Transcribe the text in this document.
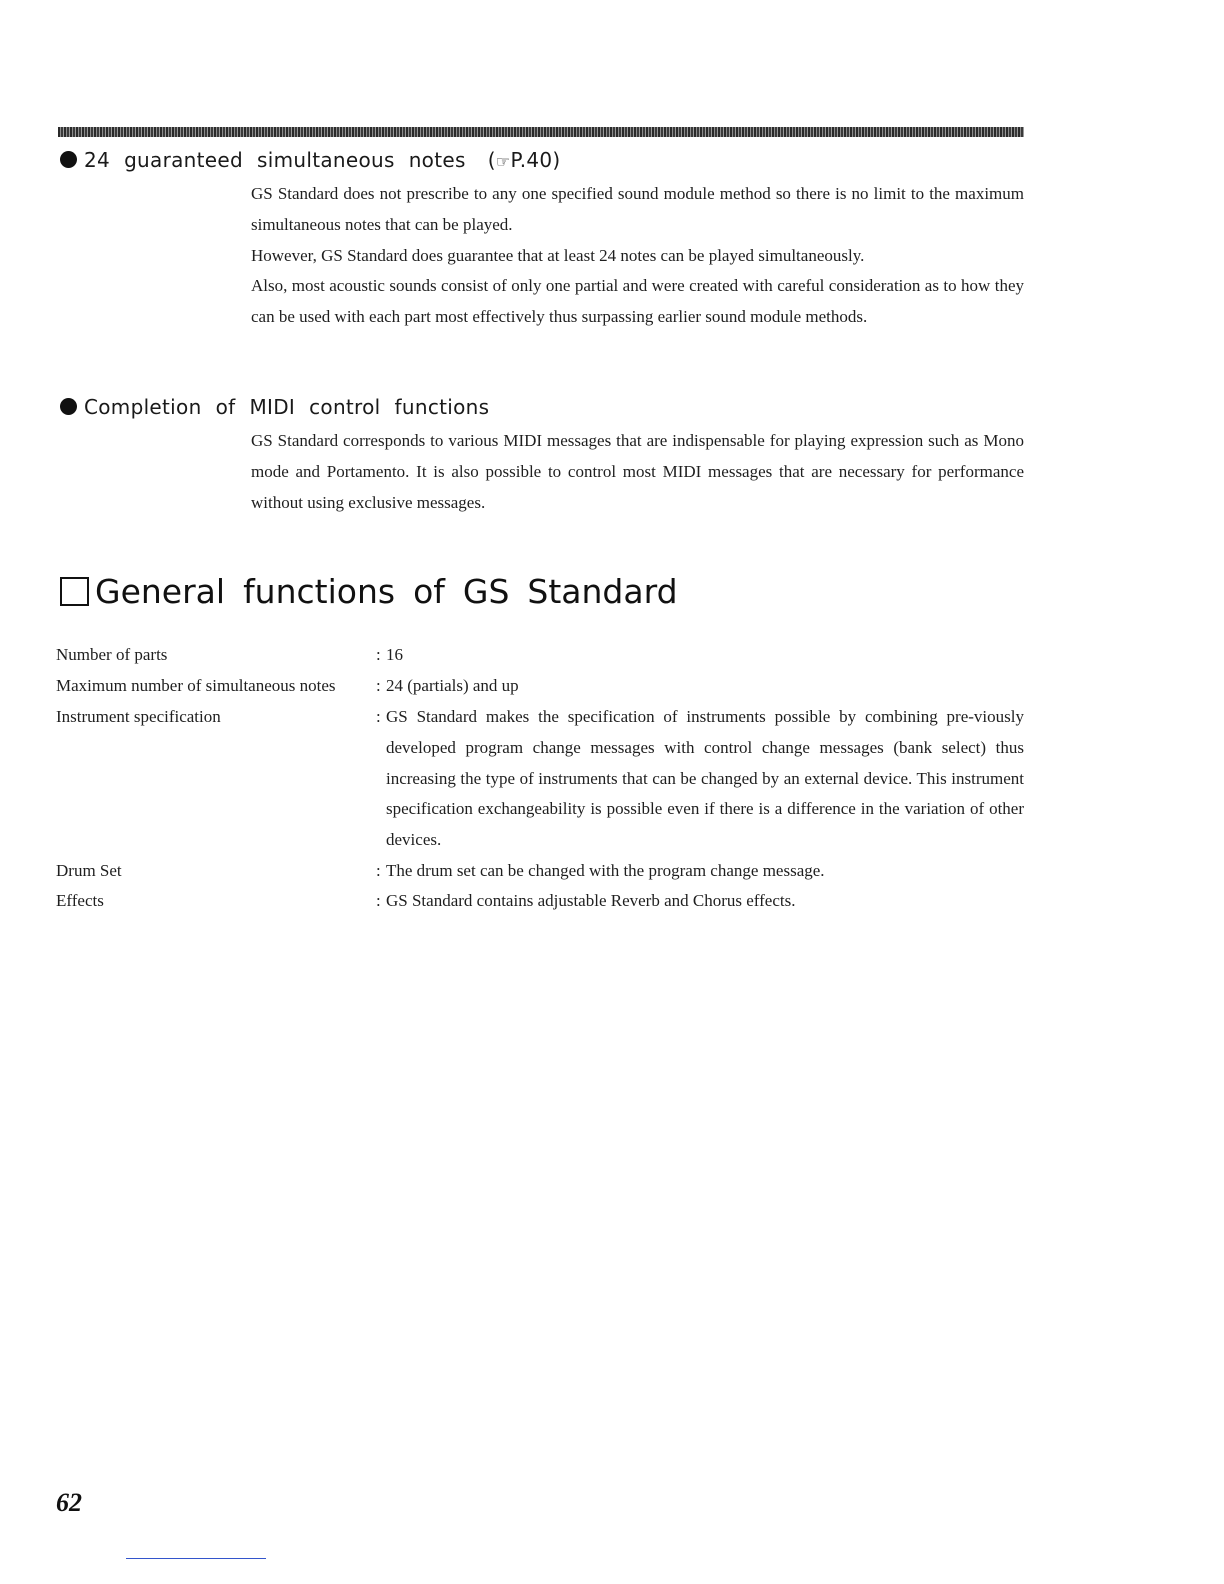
24 guaranteed simultaneous notes (☞P.40)

GS Standard does not prescribe to any one specified sound module method so there is no limit to the maximum simultaneous notes that can be played.

However, GS Standard does guarantee that at least 24 notes can be played simultaneously.

Also, most acoustic sounds consist of only one partial and were created with careful consideration as to how they can be used with each part most effectively thus surpassing earlier sound module methods.

Completion of MIDI control functions

GS Standard corresponds to various MIDI messages that are indispensable for playing expression such as Mono mode and Portamento. It is also possible to control most MIDI messages that are necessary for performance without using exclusive messages.

General functions of GS Standard
Number of parts	: 16
Maximum number of simultaneous notes : 24 (partials) and up
Instrument specification	: GS Standard makes the specification of instruments possible by combining pre-viously developed program change messages with control change messages (bank select) thus increasing the type of instruments that can be changed by an external device. This instrument specification exchangeability is possible even if there is a difference in the variation of other devices.
Drum Set	: The drum set can be changed with the program change message.
Effects	: GS Standard contains adjustable Reverb and Chorus effects.
62
